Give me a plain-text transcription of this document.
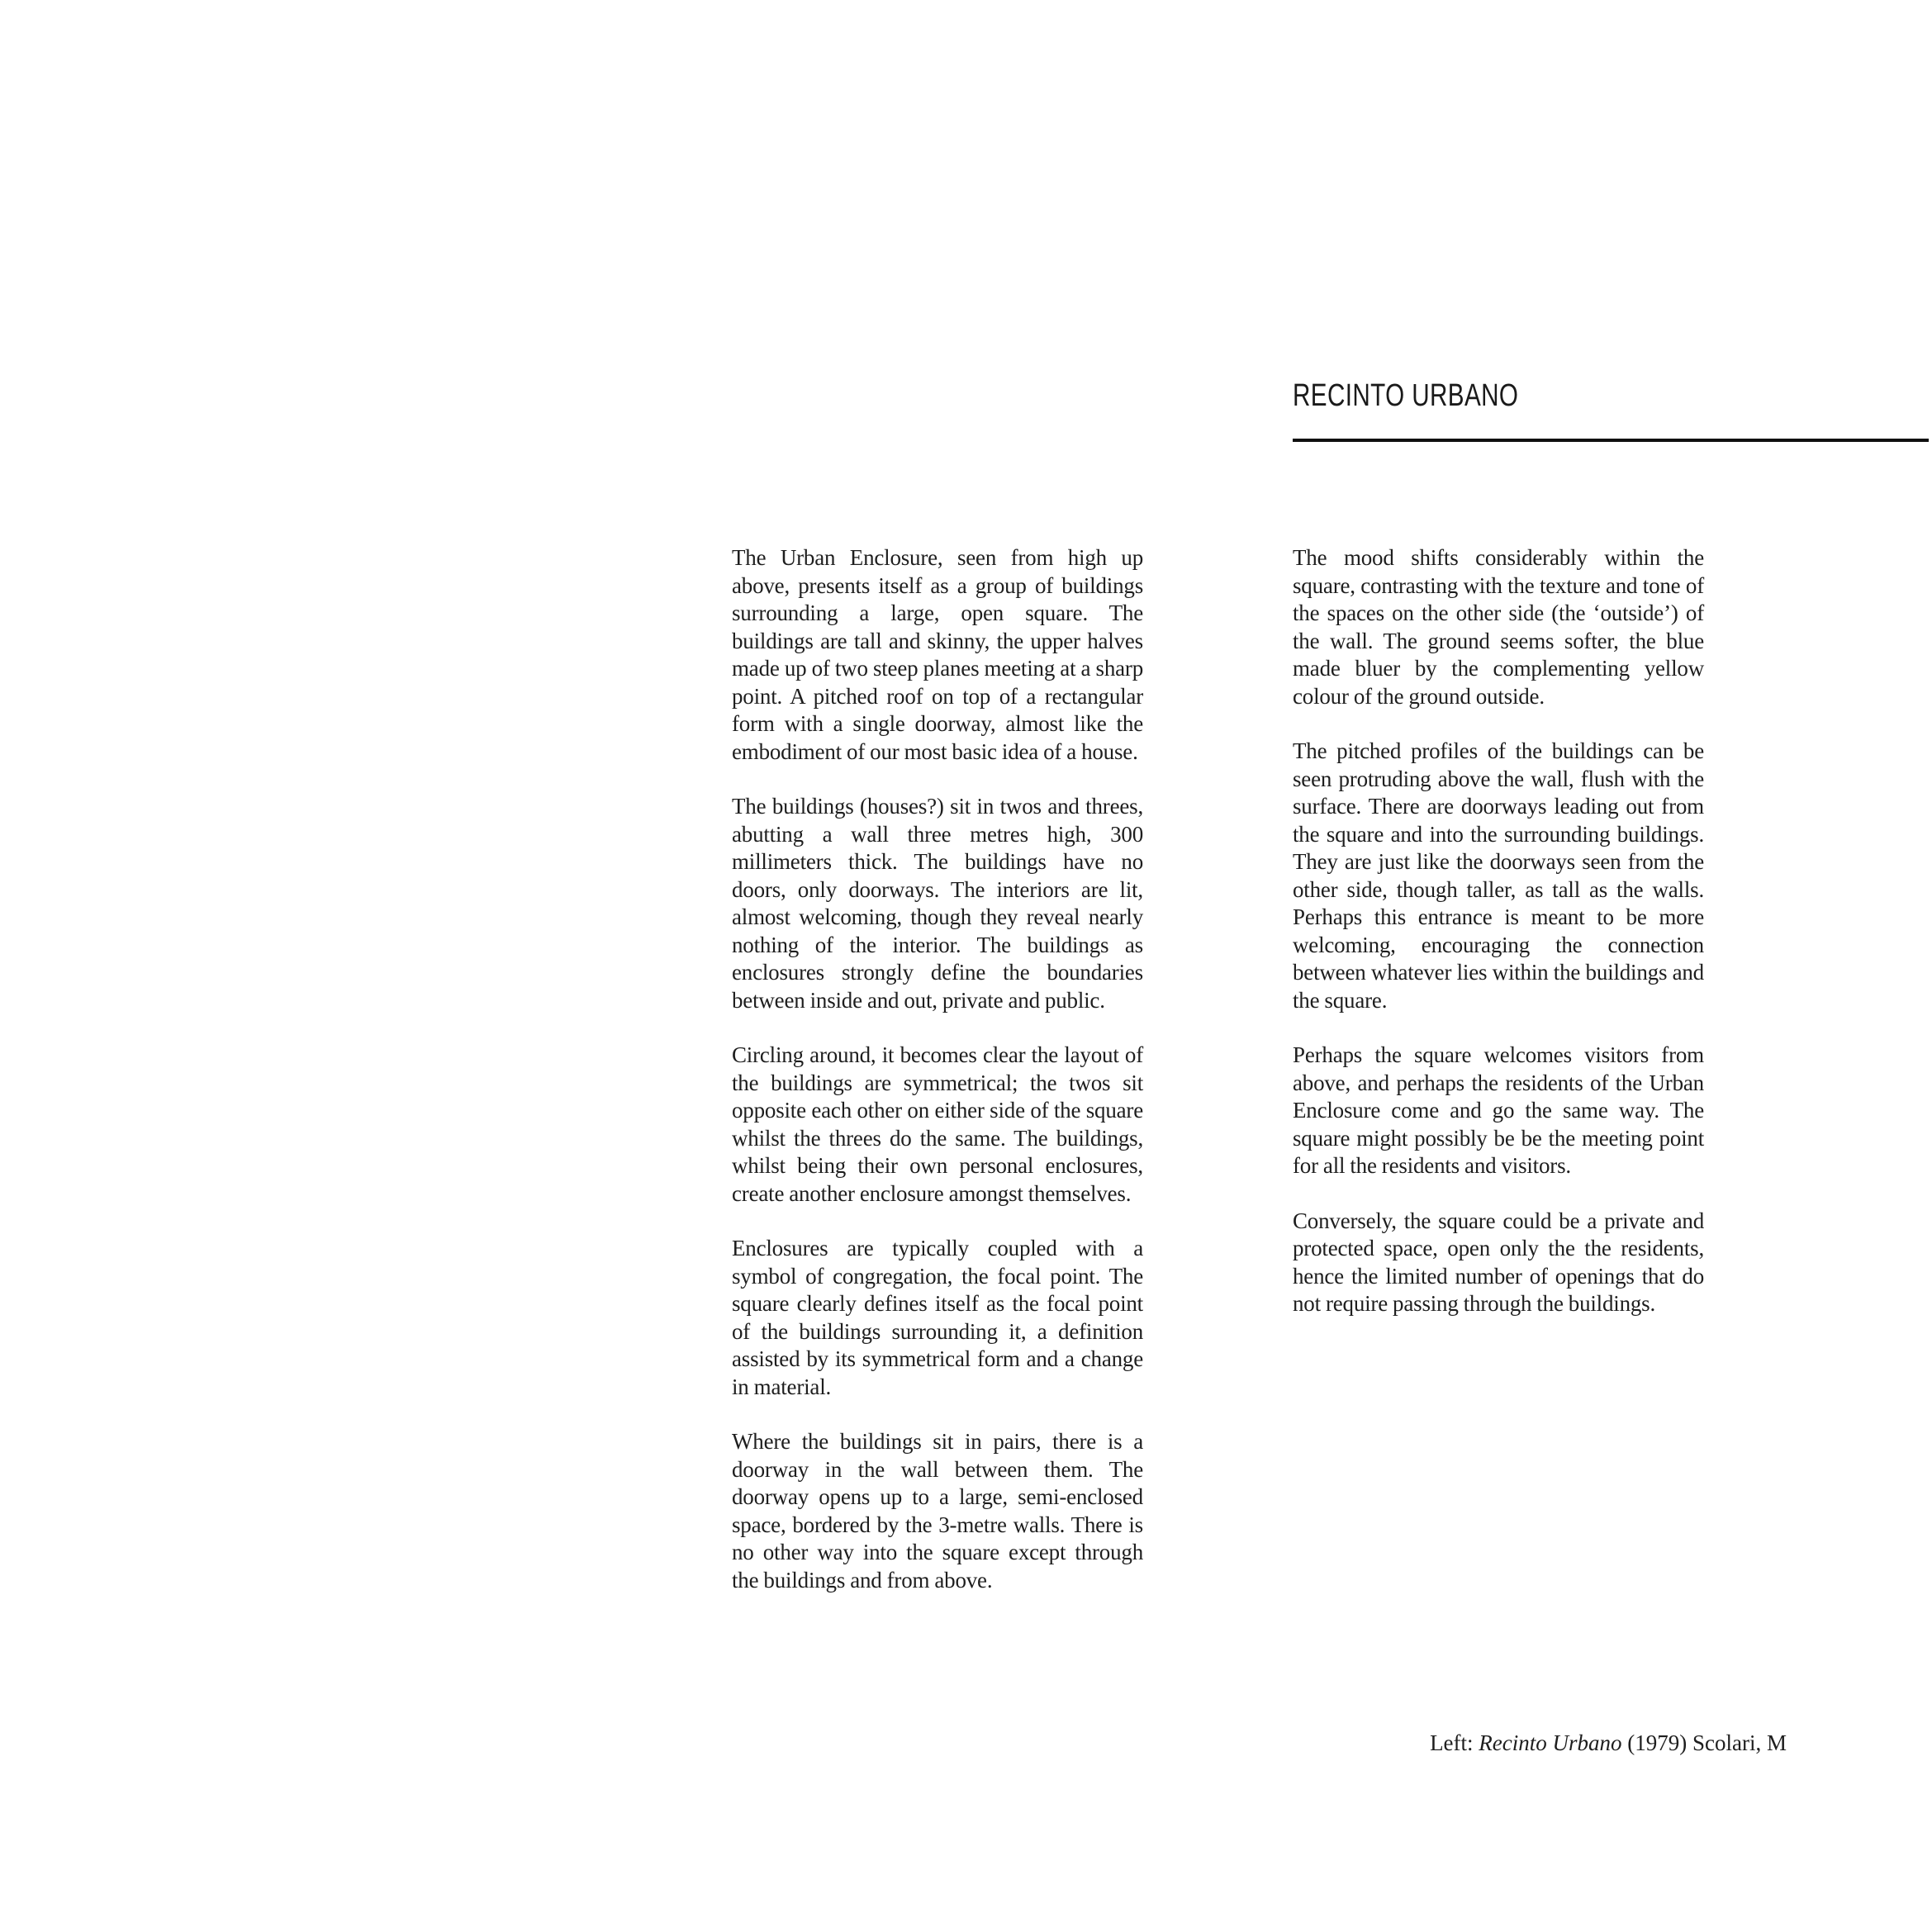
RECINTO URBANO

The Urban Enclosure, seen from high up above, presents itself as a group of buildings surrounding a large, open square. The buildings are tall and skinny, the upper halves made up of two steep planes meeting at a sharp point. A pitched roof on top of a rectangular form with a single doorway, almost like the embodiment of our most basic idea of a house.

The buildings (houses?) sit in twos and threes, abutting a wall three metres high, 300 millimeters thick. The buildings have no doors, only doorways. The interiors are lit, almost welcoming, though they reveal nearly nothing of the interior. The buildings as enclosures strongly define the boundaries between inside and out, private and public.

Circling around, it becomes clear the layout of the buildings are symmetrical; the twos sit opposite each other on either side of the square whilst the threes do the same. The buildings, whilst being their own personal enclosures, create another enclosure amongst themselves.

Enclosures are typically coupled with a symbol of congregation, the focal point. The square clearly defines itself as the focal point of the buildings surrounding it, a definition assisted by its symmetrical form and a change in material.

Where the buildings sit in pairs, there is a doorway in the wall between them. The doorway opens up to a large, semi-enclosed space, bordered by the 3-metre walls. There is no other way into the square except through the buildings and from above.

The mood shifts considerably within the square, contrasting with the texture and tone of the spaces on the other side (the ‘outside’) of the wall. The ground seems softer, the blue made bluer by the complementing yellow colour of the ground outside.

The pitched profiles of the buildings can be seen protruding above the wall, flush with the surface. There are doorways leading out from the square and into the surrounding buildings. They are just like the doorways seen from the other side, though taller, as tall as the walls. Perhaps this entrance is meant to be more welcoming, encouraging the connection between whatever lies within the buildings and the square.

Perhaps the square welcomes visitors from above, and perhaps the residents of the Urban Enclosure come and go the same way. The square might possibly be be the meeting point for all the residents and visitors.

Conversely, the square could be a private and protected space, open only the the residents, hence the limited number of openings that do not require passing through the buildings.

Left: Recinto Urbano (1979) Scolari, M
